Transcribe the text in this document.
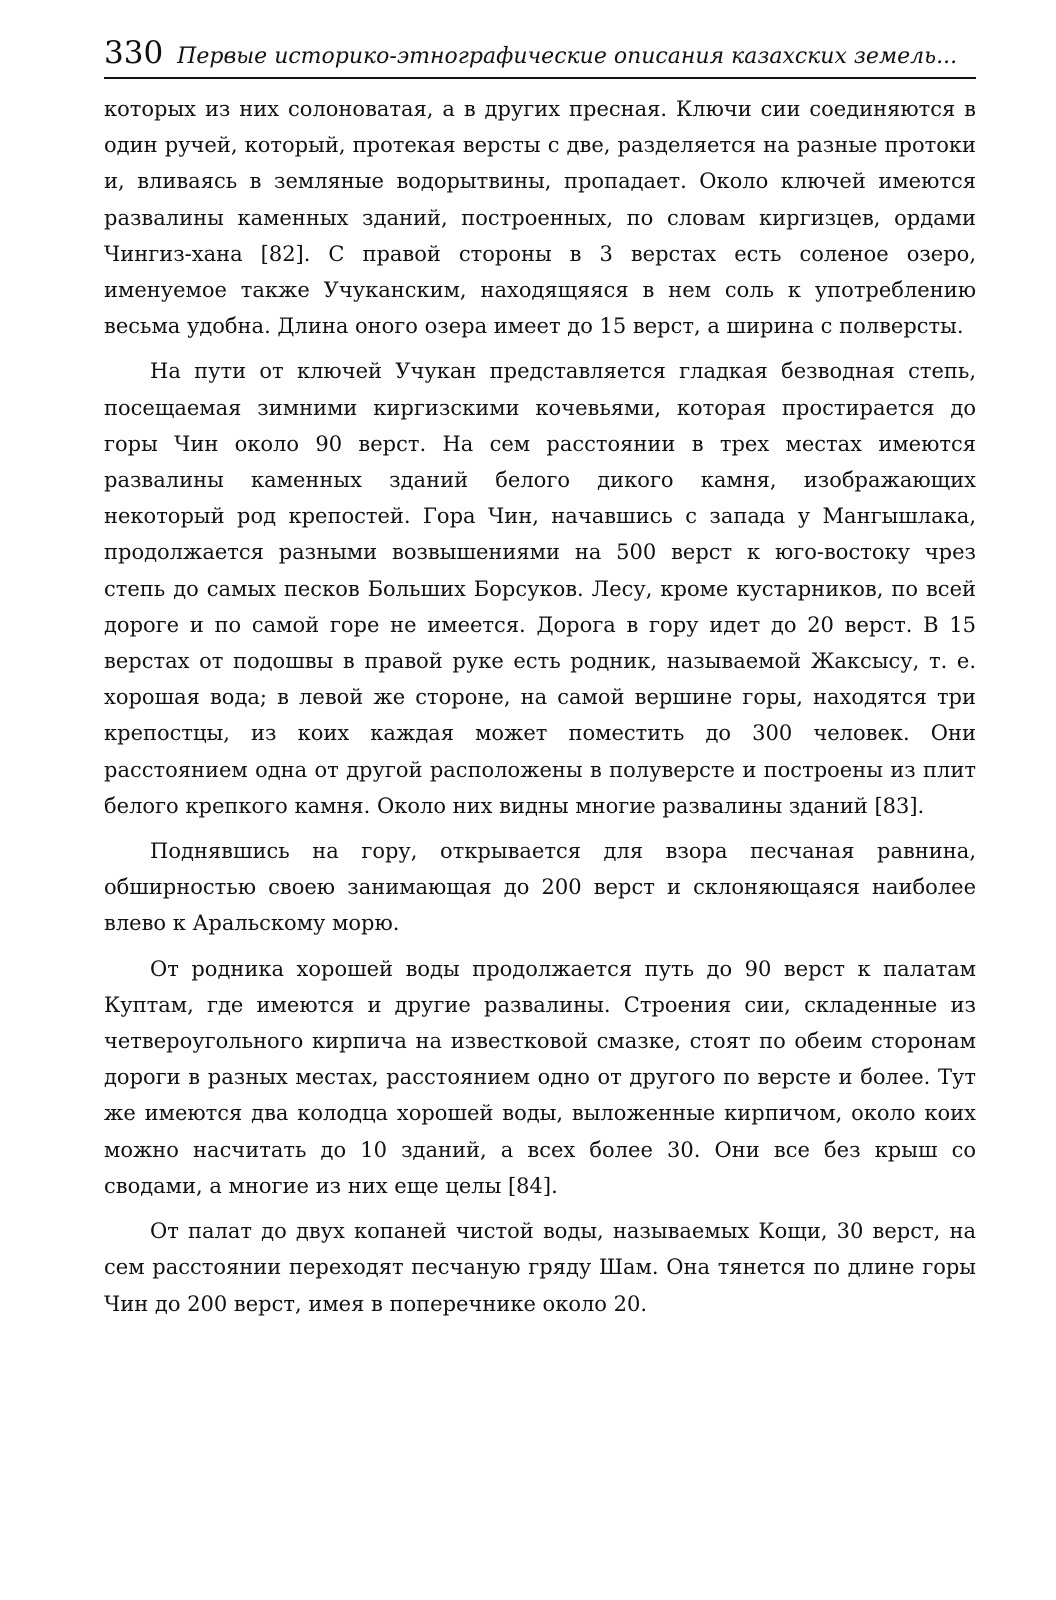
330 Первые историко-этнографические описания казахских земель...

которых из них солоноватая, а в других пресная. Ключи сии соединяются в один ручей, который, протекая версты с две, разделяется на разные протоки и, вливаясь в земляные водорытвины, пропадает. Около ключей имеются развалины каменных зданий, построенных, по словам киргизцев, ордами Чингиз-хана [82]. С правой стороны в 3 верстах есть соленое озеро, именуемое также Учуканским, находящяяся в нем соль к употреблению весьма удобна. Длина оного озера имеет до 15 верст, а ширина с полверсты.

На пути от ключей Учукан представляется гладкая безводная степь, посещаемая зимними киргизскими кочевьями, которая простирается до горы Чин около 90 верст. На сем расстоянии в трех местах имеются развалины каменных зданий белого дикого камня, изображающих некоторый род крепостей. Гора Чин, начавшись с запада у Мангышлака, продолжается разными возвышениями на 500 верст к юго-востоку чрез степь до самых песков Больших Борсуков. Лесу, кроме кустарников, по всей дороге и по самой горе не имеется. Дорога в гору идет до 20 верст. В 15 верстах от подошвы в правой руке есть родник, называемой Жаксысу, т. е. хорошая вода; в левой же стороне, на самой вершине горы, находятся три крепостцы, из коих каждая может поместить до 300 человек. Они расстоянием одна от другой расположены в полуверсте и построены из плит белого крепкого камня. Около них видны многие развалины зданий [83].

Поднявшись на гору, открывается для взора песчаная равнина, обширностью своею занимающая до 200 верст и склоняющаяся наиболее влево к Аральскому морю.

От родника хорошей воды продолжается путь до 90 верст к палатам Куптам, где имеются и другие развалины. Строения сии, складенные из четвероугольного кирпича на известковой смазке, стоят по обеим сторонам дороги в разных местах, расстоянием одно от другого по версте и более. Тут же имеются два колодца хорошей воды, выложенные кирпичом, около коих можно насчитать до 10 зданий, а всех более 30. Они все без крыш со сводами, а многие из них еще целы [84].

От палат до двух копаней чистой воды, называемых Кощи, 30 верст, на сем расстоянии переходят песчаную гряду Шам. Она тянется по длине горы Чин до 200 верст, имея в поперечнике около 20.
